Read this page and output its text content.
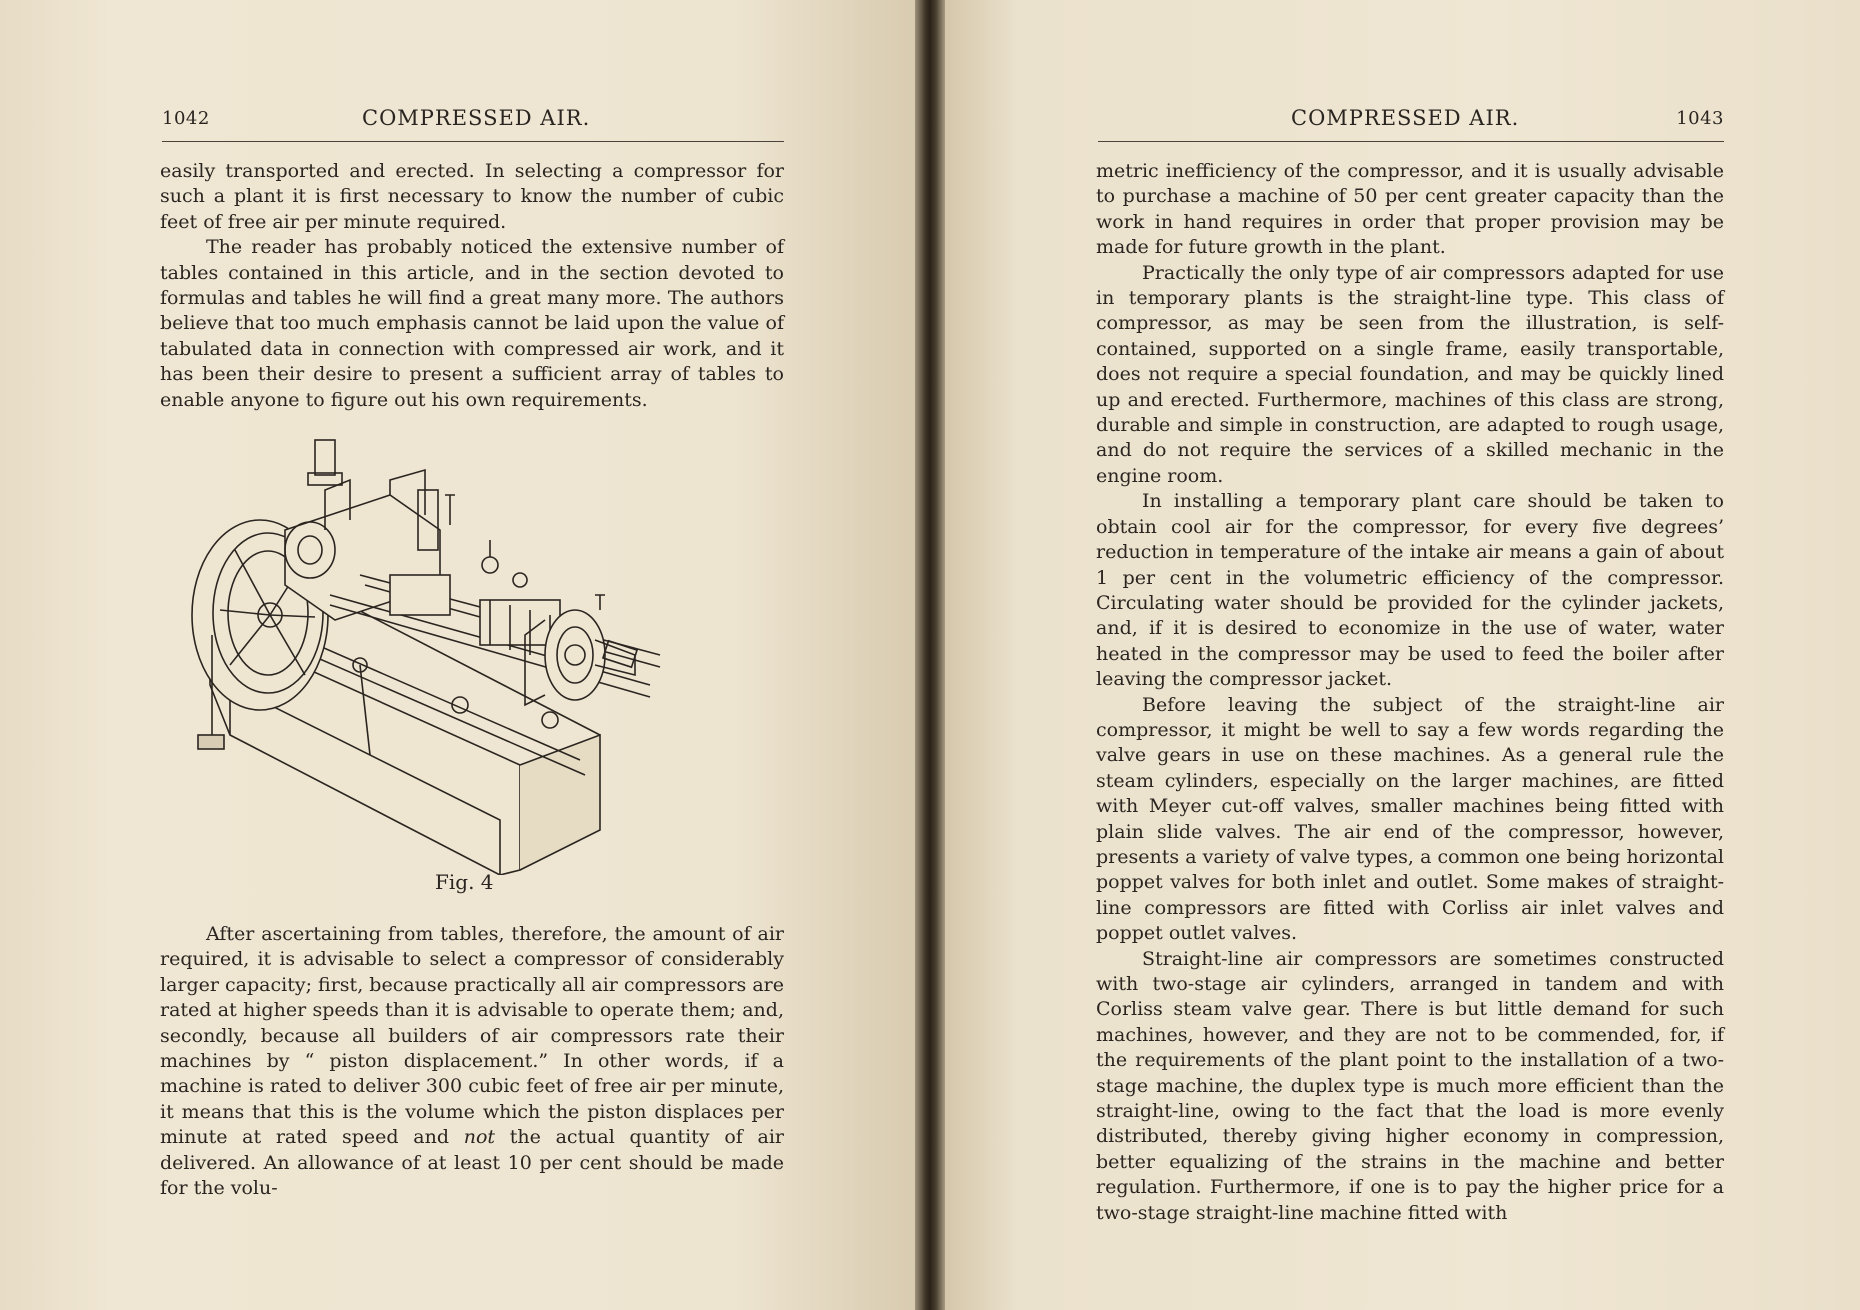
1042	COMPRESSED AIR.

easily transported and erected. In selecting a compressor for such a plant it is first necessary to know the number of cubic feet of free air per minute required.

The reader has probably noticed the extensive number of tables contained in this article, and in the section devoted to formulas and tables he will find a great many more. The authors believe that too much emphasis cannot be laid upon the value of tabulated data in connection with compressed air work, and it has been their desire to present a sufficient array of tables to enable anyone to figure out his own requirements.

Fig. 4

After ascertaining from tables, therefore, the amount of air required, it is advisable to select a compressor of considerably larger capacity; first, because practically all air compressors are rated at higher speeds than it is advisable to operate them; and, secondly, because all builders of air compressors rate their machines by “ piston displacement.” In other words, if a machine is rated to deliver 300 cubic feet of free air per minute, it means that this is the volume which the piston displaces per minute at rated speed and not the actual quantity of air delivered. An allowance of at least 10 per cent should be made for the volu-

COMPRESSED AIR.	1043

metric inefficiency of the compressor, and it is usually advisable to purchase a machine of 50 per cent greater capacity than the work in hand requires in order that proper provision may be made for future growth in the plant.

Practically the only type of air compressors adapted for use in temporary plants is the straight-line type. This class of compressor, as may be seen from the illustration, is self-contained, supported on a single frame, easily transportable, does not require a special foundation, and may be quickly lined up and erected. Furthermore, machines of this class are strong, durable and simple in construction, are adapted to rough usage, and do not require the services of a skilled mechanic in the engine room.

In installing a temporary plant care should be taken to obtain cool air for the compressor, for every five degrees’ reduction in temperature of the intake air means a gain of about 1 per cent in the volumetric efficiency of the compressor. Circulating water should be provided for the cylinder jackets, and, if it is desired to economize in the use of water, water heated in the compressor may be used to feed the boiler after leaving the compressor jacket.

Before leaving the subject of the straight-line air compressor, it might be well to say a few words regarding the valve gears in use on these machines. As a general rule the steam cylinders, especially on the larger machines, are fitted with Meyer cut-off valves, smaller machines being fitted with plain slide valves. The air end of the compressor, however, presents a variety of valve types, a common one being horizontal poppet valves for both inlet and outlet. Some makes of straight-line compressors are fitted with Corliss air inlet valves and poppet outlet valves.

Straight-line air compressors are sometimes constructed with two-stage air cylinders, arranged in tandem and with Corliss steam valve gear. There is but little demand for such machines, however, and they are not to be commended, for, if the requirements of the plant point to the installation of a two-stage machine, the duplex type is much more efficient than the straight-line, owing to the fact that the load is more evenly distributed, thereby giving higher economy in compression, better equalizing of the strains in the machine and better regulation. Furthermore, if one is to pay the higher price for a two-stage straight-line machine fitted with
